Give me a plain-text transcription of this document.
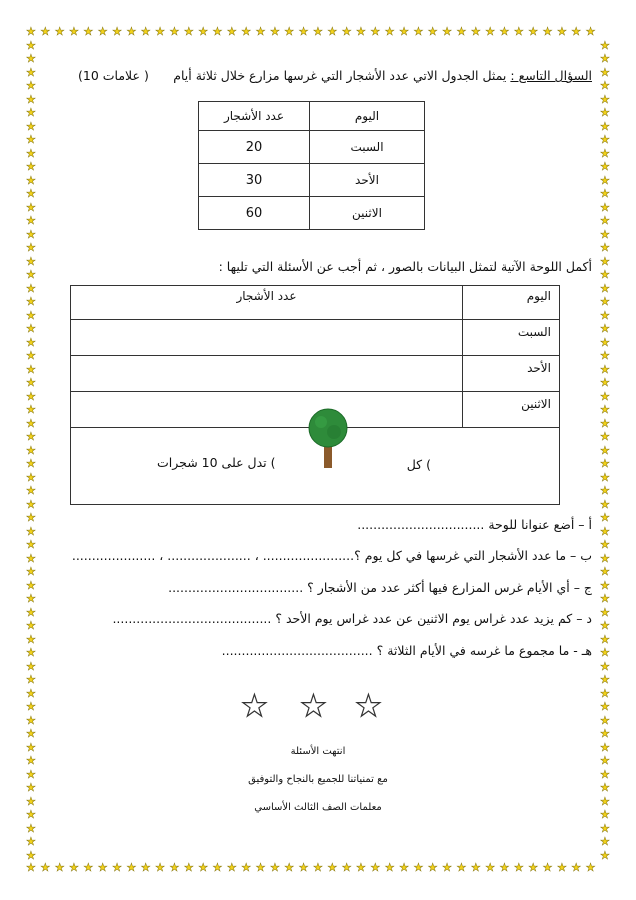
★
★
★
★
★
★
★
★
★
★
★
★
★
★
★
★
★
★
★
★
★
★
★
★
★
★
★
★
★
★
★
★
★
★
★
★
★
★
★
★
★
★
★
★
★
★
★
★
★
★
★
★
★
★
★
★
★
★
★
★
★
★
★
★
★
★
★
★
★
★
★
★
★
★
★
★
★
★
★
★
★	★
★	★
★	★
★	★
★	★
★	★
★	★
★	★
★	★
★	★
★	★
★	★
★	★
★	★
★	★
★	★
★	★
★	★
★	★
★	★
★	★
★	★
★	★
★	★
★	★
★	★
★	★
★	★
★	★
★	★
★	★
★	★
★	★
★	★
★	★
★	★
★	★
★	★
★	★
★	★
★	★
★	★
★	★
★	★
★	★
★	★
★	★
★	★
★	★
★	★
★	★
★	★
★	★
★	★
★	★
★	★
★	★
★	★
★	★
★	★
★	★
السؤال التاسع : يمثل الجدول الاتي عدد الأشجار التي غرسها مزارع خلال ثلاثة أيام
(10 علامات )
اليوم	عدد الأشجار
السبت	20
الأحد	30
الاثنين	60
أكمل اللوحة الآتية لتمثل البيانات بالصور ، ثم أجب عن الأسئلة التي تليها :
اليوم	عدد الأشجار
السبت	
الأحد	
الاثنين	

كل (
) تدل على 10 شجرات
أ – أضع عنوانا للوحة ................................
ب – ما عدد الأشجار التي غرسها في كل يوم ؟....................... ، ..................... ، .....................
ج – أي الأيام غرس المزارع فيها أكثر عدد من الأشجار ؟ ..................................
د – كم يزيد عدد غراس يوم الاثنين عن عدد غراس يوم الأحد ؟ ........................................
هـ - ما مجموع ما غرسه في الأيام الثلاثة ؟ ......................................
★ ★ ★
انتهت الأسئلة
مع تمنياتنا للجميع بالنجاح والتوفيق
معلمات الصف الثالث الأساسي
